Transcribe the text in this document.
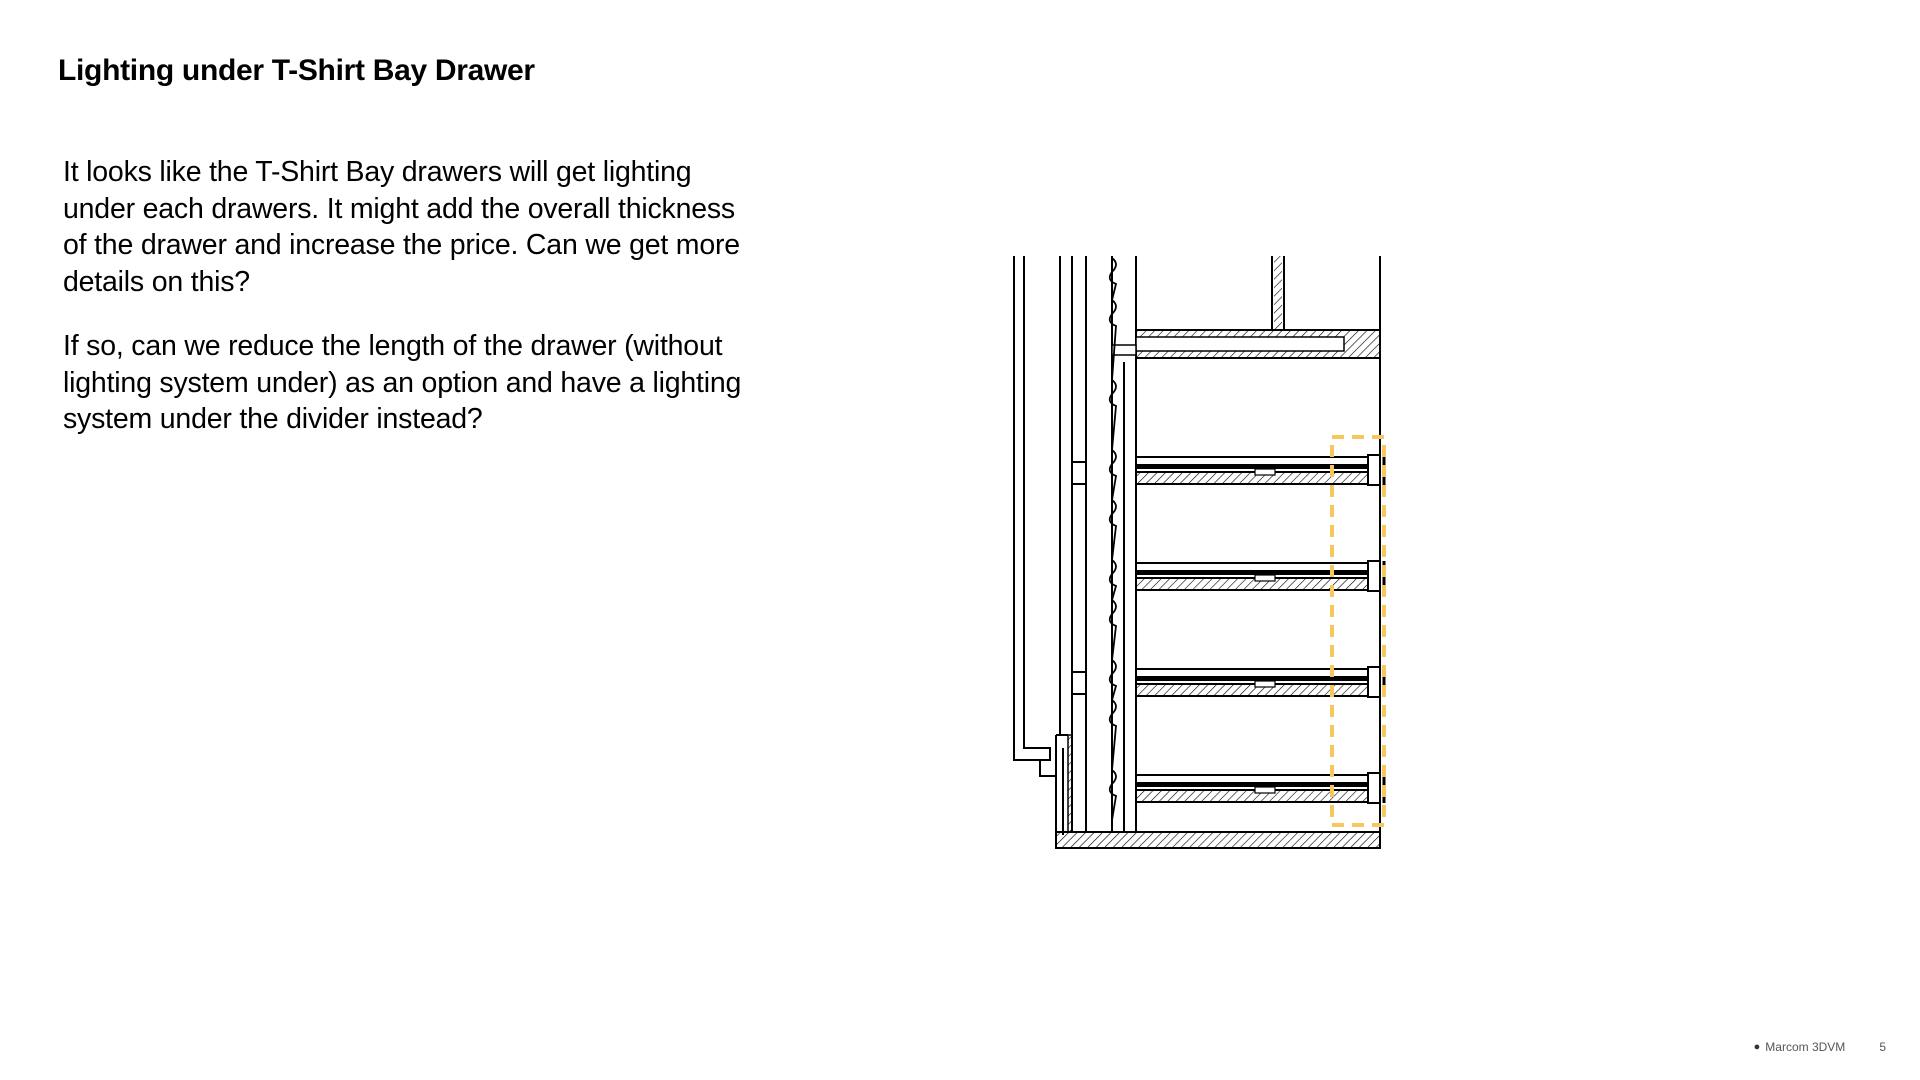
Lighting under T-Shirt Bay Drawer

It looks like the T-Shirt Bay drawers will get lighting under each drawers. It might add the overall thickness of the drawer and increase the price. Can we get more details on this?

If so, can we reduce the length of the drawer (without lighting system under) as an option and have a lighting system under the divider instead?

● Marcom 3DVM	5
